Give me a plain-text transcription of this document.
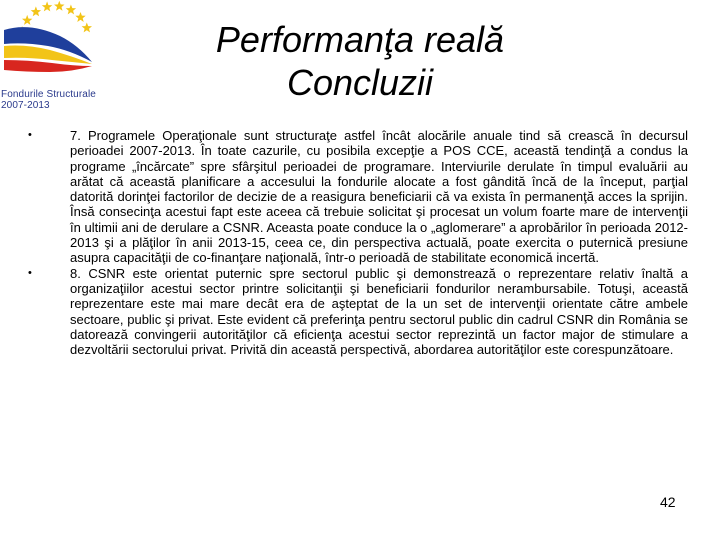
Fondurile Structurale
2007-2013
Performanţa reală
Concluzii
•	7. Programele Operaţionale sunt structuraţe astfel încât alocările anuale tind să crească în decursul perioadei 2007-2013. În toate cazurile, cu posibila excepţie a POS CCE, această tendinţă a condus la programe „încărcate” spre sfârşitul perioadei de programare. Interviurile derulate în timpul evaluării au arătat că această planificare a accesului la fondurile alocate a fost gândită încă de la început, parţial datorită dorinţei factorilor de decizie de a reasigura beneficiarii că va exista în permanenţă acces la sprijin. Însă consecinţa acestui fapt este aceea că trebuie solicitat şi procesat un volum foarte mare de intervenţii în ultimii ani de derulare a CSNR. Aceasta poate conduce la o „aglomerare” a aprobărilor în perioada 2012-2013 şi a plăţilor în anii 2013-15, ceea ce, din perspectiva actuală, poate exercita o puternică presiune asupra capacităţii de co-finanţare naţională, într-o perioadă de stabilitate economică incertă.
•	8. CSNR este orientat puternic spre sectorul public şi demonstrează o reprezentare relativ înaltă a organizaţiilor acestui sector printre solicitanţii şi beneficiarii fondurilor nerambursabile. Totuşi, această reprezentare este mai mare decât era de aşteptat de la un set de intervenţii orientate către ambele sectoare, public şi privat. Este evident că preferinţa pentru sectorul public din cadrul CSNR din România se datorează convingerii autorităţilor că eficienţa acestui sector reprezintă un factor major de stimulare a dezvoltării sectorului privat. Privită din această perspectivă, abordarea autorităţilor este corespunzătoare.
42
